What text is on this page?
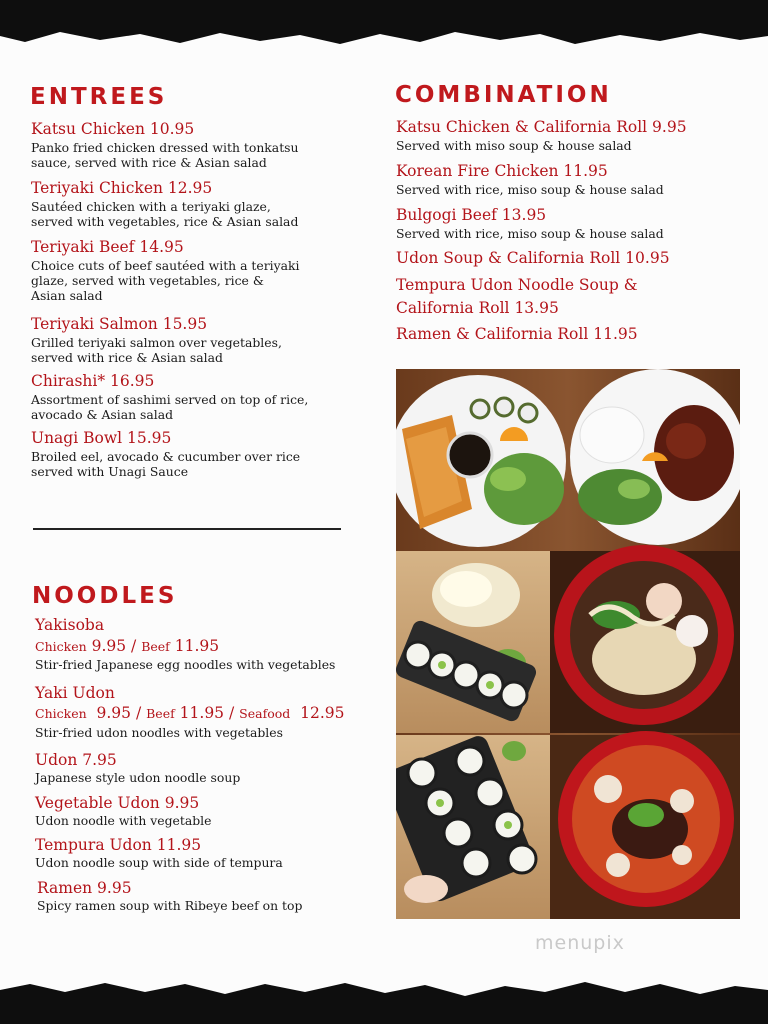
ENTREES
Katsu Chicken 10.95
Panko fried chicken dressed with tonkatsu
sauce, served with rice & Asian salad
Teriyaki Chicken 12.95
Sautéed chicken with a teriyaki glaze,
served with vegetables, rice & Asian salad
Teriyaki Beef 14.95
Choice cuts of beef sautéed with a teriyaki
glaze, served with vegetables, rice &
Asian salad
Teriyaki Salmon 15.95
Grilled teriyaki salmon over vegetables,
served with rice & Asian salad
Chirashi* 16.95
Assortment of sashimi served on top of rice,
avocado & Asian salad
Unagi Bowl 15.95
Broiled eel, avocado & cucumber over rice
served with Unagi Sauce
NOODLES
Yakisoba
Chicken 9.95 / Beef 11.95
Stir-fried Japanese egg noodles with vegetables
Yaki Udon
Chicken 9.95 / Beef 11.95 / Seafood 12.95
Stir-fried udon noodles with vegetables
Udon 7.95
Japanese style udon noodle soup
Vegetable Udon 9.95
Udon noodle with vegetable
Tempura Udon 11.95
Udon noodle soup with side of tempura
Ramen 9.95
Spicy ramen soup with Ribeye beef on top
COMBINATION
Katsu Chicken & California Roll 9.95
Served with miso soup & house salad
Korean Fire Chicken 11.95
Served with rice, miso soup & house salad
Bulgogi Beef 13.95
Served with rice, miso soup & house salad
Udon Soup & California Roll 10.95
Tempura Udon Noodle Soup &
California Roll 13.95
Ramen & California Roll 11.95
menupix
